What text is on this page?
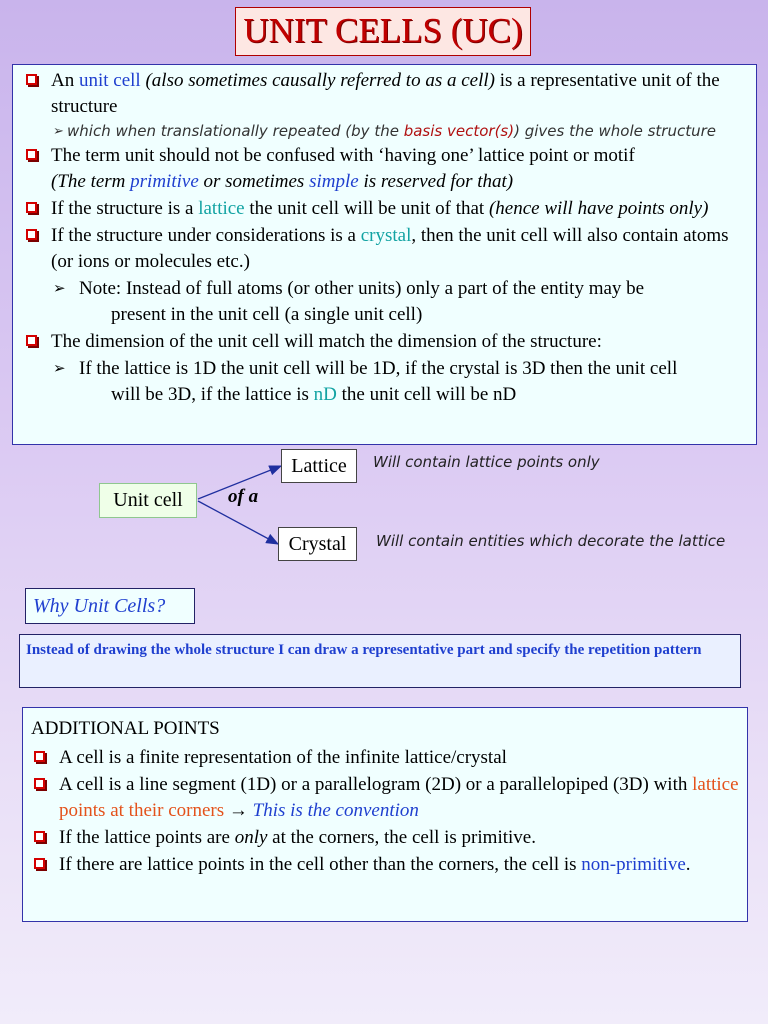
UNIT CELLS (UC)
An unit cell (also sometimes causally referred to as a cell) is a representative unit of the structure
➢ which when translationally repeated (by the basis vector(s)) gives the whole structure
The term unit should not be confused with ‘having one’ lattice point or motif
(The term primitive or sometimes simple is reserved for that)
If the structure is a lattice the unit cell will be unit of that (hence will have points only)
If the structure under considerations is a crystal, then the unit cell will also contain atoms (or ions or molecules etc.)
➢ Note: Instead of full atoms (or other units) only a part of the entity may be
present in the unit cell (a single unit cell)
The dimension of the unit cell will match the dimension of the structure:
➢ If the lattice is 1D the unit cell will be 1D, if the crystal is 3D then the unit cell
will be 3D, if the lattice is nD the unit cell will be nD
Unit cell	of a
Lattice
Crystal
Will contain lattice points only
Will contain entities which decorate the lattice
Why Unit Cells?
Instead of drawing the whole structure I can draw a representative part and specify the repetition pattern
ADDITIONAL POINTS
A cell is a finite representation of the infinite lattice/crystal
A cell is a line segment (1D) or a parallelogram (2D) or a parallelopiped (3D) with lattice points at their corners → This is the convention
If the lattice points are only at the corners, the cell is primitive.
If there are lattice points in the cell other than the corners, the cell is non-primitive.
